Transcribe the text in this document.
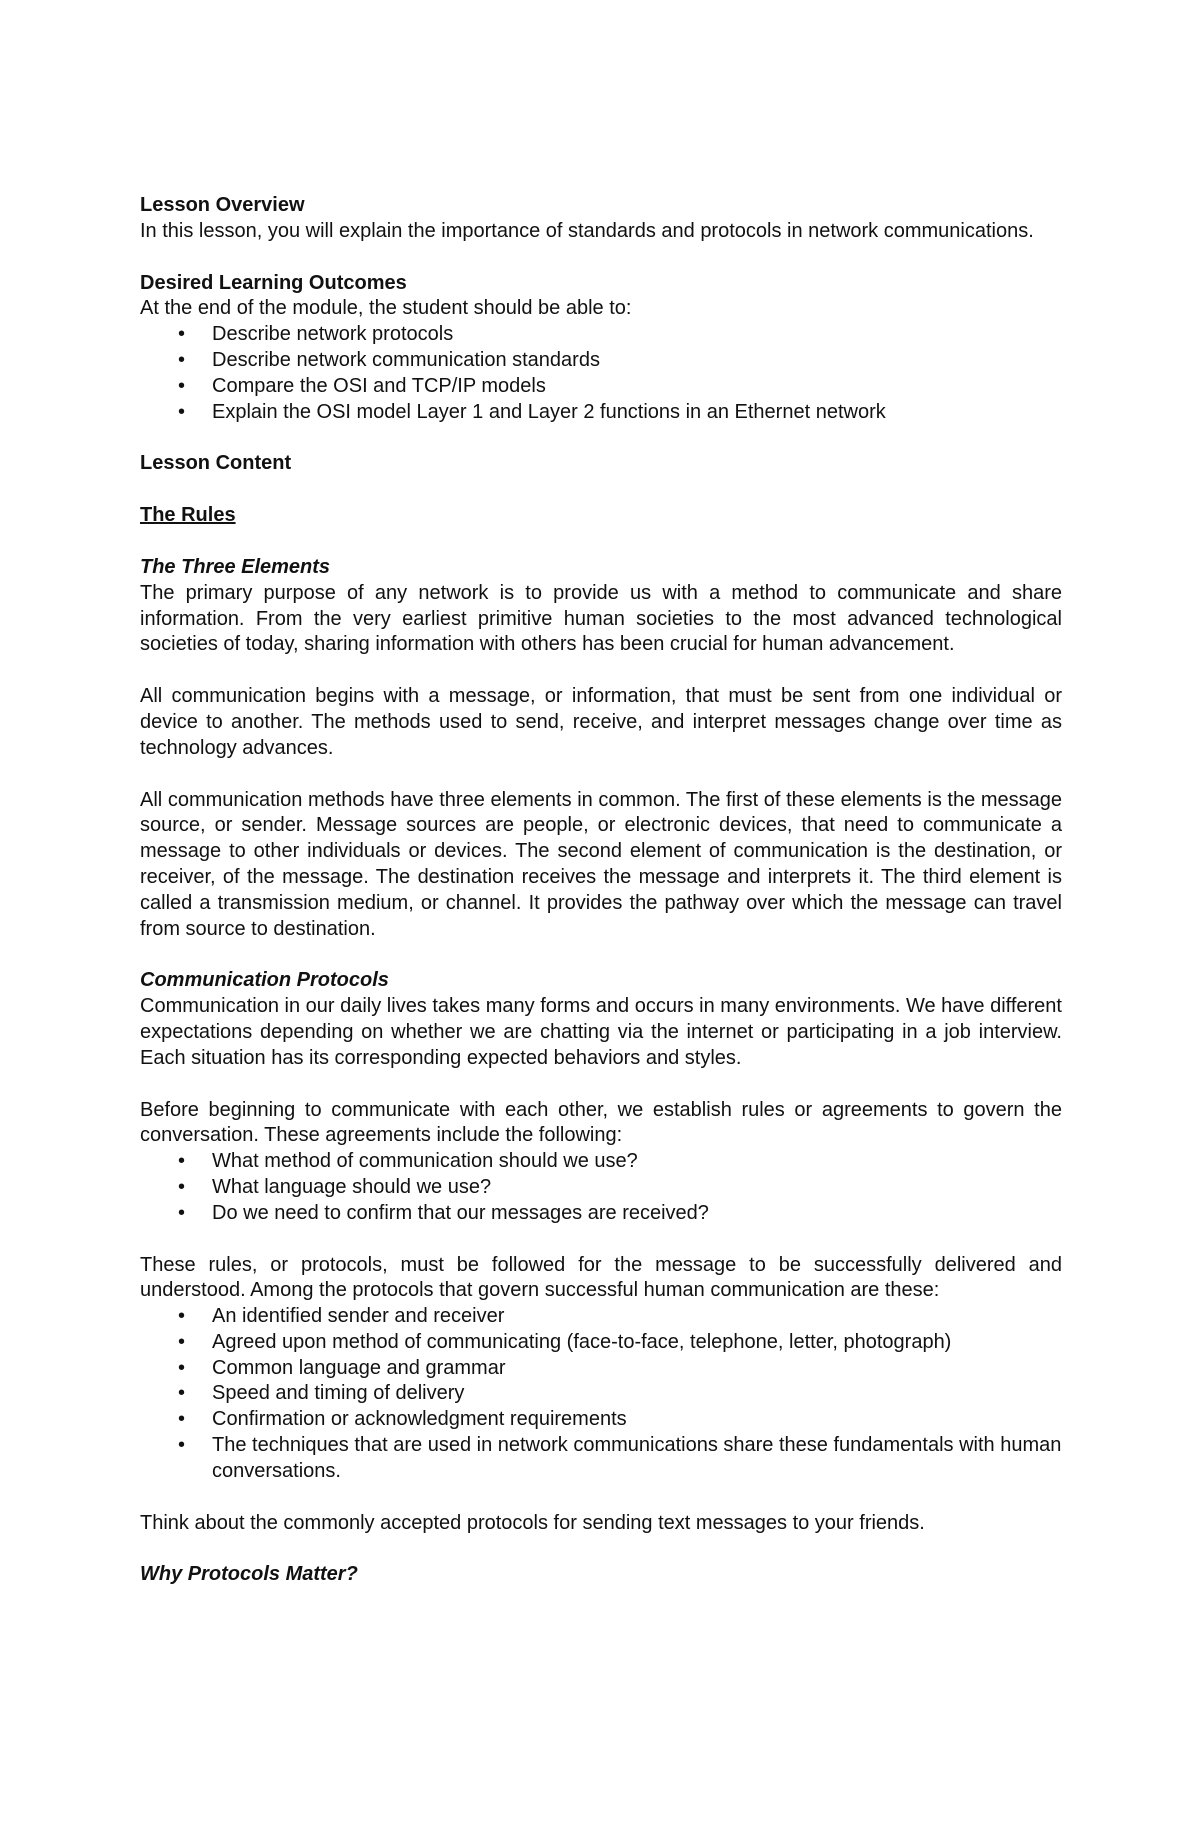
Lesson Overview

In this lesson, you will explain the importance of standards and protocols in network communications.

Desired Learning Outcomes

At the end of the module, the student should be able to:

• Describe network protocols
• Describe network communication standards
• Compare the OSI and TCP/IP models
• Explain the OSI model Layer 1 and Layer 2 functions in an Ethernet network
Lesson Content
The Rules
The Three Elements

The primary purpose of any network is to provide us with a method to communicate and share information. From the very earliest primitive human societies to the most advanced technological societies of today, sharing information with others has been crucial for human advancement.

All communication begins with a message, or information, that must be sent from one individual or device to another. The methods used to send, receive, and interpret messages change over time as technology advances.

All communication methods have three elements in common. The first of these elements is the message source, or sender. Message sources are people, or electronic devices, that need to communicate a message to other individuals or devices. The second element of communication is the destination, or receiver, of the message. The destination receives the message and interprets it. The third element is called a transmission medium, or channel. It provides the pathway over which the message can travel from source to destination.

Communication Protocols

Communication in our daily lives takes many forms and occurs in many environments. We have different expectations depending on whether we are chatting via the internet or participating in a job interview. Each situation has its corresponding expected behaviors and styles.

Before beginning to communicate with each other, we establish rules or agreements to govern the conversation. These agreements include the following:

• What method of communication should we use?
• What language should we use?
• Do we need to confirm that our messages are received?

These rules, or protocols, must be followed for the message to be successfully delivered and understood. Among the protocols that govern successful human communication are these:

• An identified sender and receiver
• Agreed upon method of communicating (face-to-face, telephone, letter, photograph)
• Common language and grammar
• Speed and timing of delivery
• Confirmation or acknowledgment requirements
• The techniques that are used in network communications share these fundamentals with human conversations.

Think about the commonly accepted protocols for sending text messages to your friends.

Why Protocols Matter?
